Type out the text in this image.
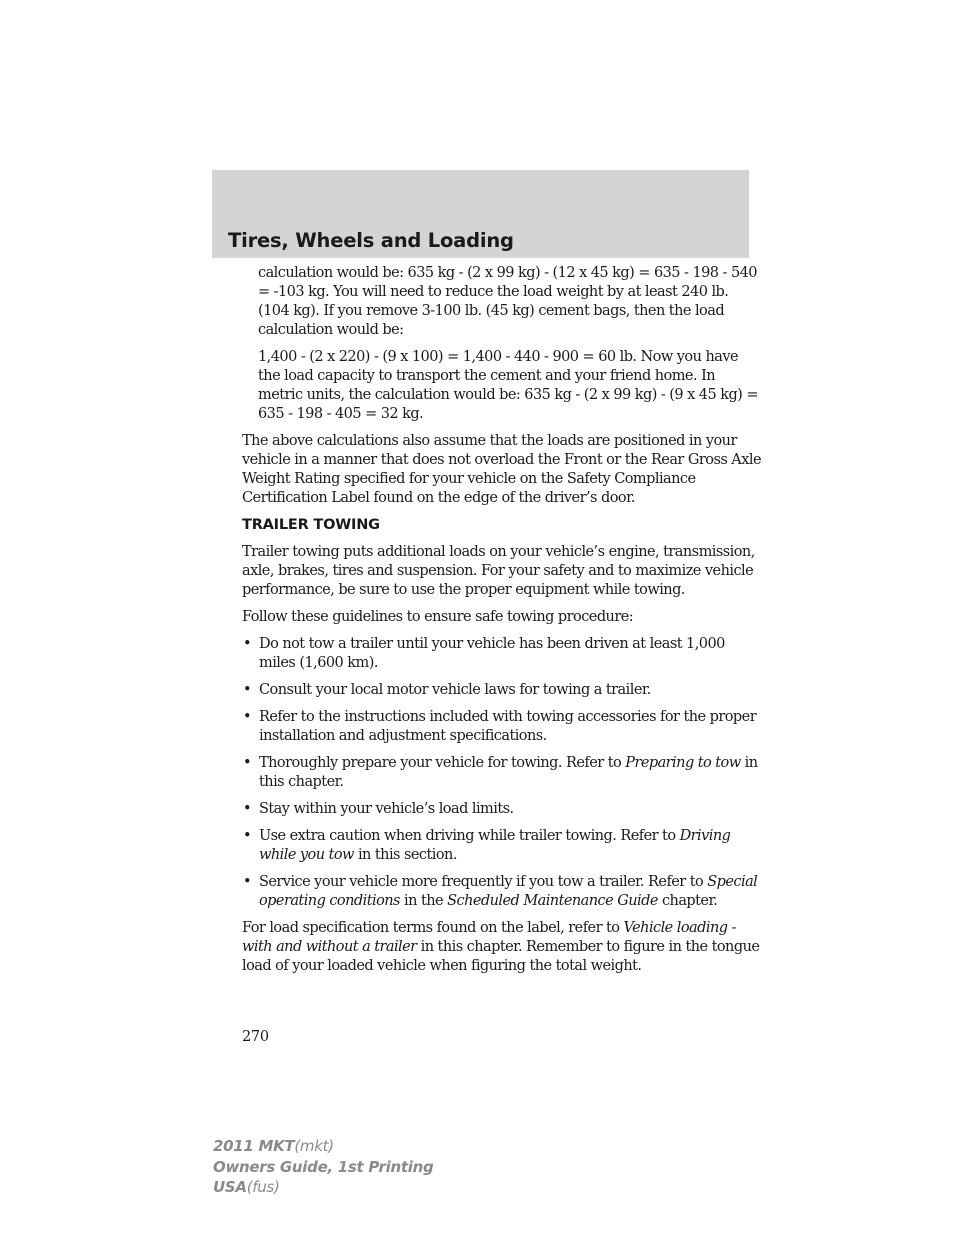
Tires, Wheels and Loading

calculation would be: 635 kg - (2 x 99 kg) - (12 x 45 kg) = 635 - 198 - 540 = -103 kg. You will need to reduce the load weight by at least 240 lb. (104 kg). If you remove 3-100 lb. (45 kg) cement bags, then the load calculation would be:

1,400 - (2 x 220) - (9 x 100) = 1,400 - 440 - 900 = 60 lb. Now you have the load capacity to transport the cement and your friend home. In metric units, the calculation would be: 635 kg - (2 x 99 kg) - (9 x 45 kg) = 635 - 198 - 405 = 32 kg.

The above calculations also assume that the loads are positioned in your vehicle in a manner that does not overload the Front or the Rear Gross Axle Weight Rating specified for your vehicle on the Safety Compliance Certification Label found on the edge of the driver’s door.

TRAILER TOWING

Trailer towing puts additional loads on your vehicle’s engine, transmission, axle, brakes, tires and suspension. For your safety and to maximize vehicle performance, be sure to use the proper equipment while towing.

Follow these guidelines to ensure safe towing procedure:

• Do not tow a trailer until your vehicle has been driven at least 1,000 miles (1,600 km).
• Consult your local motor vehicle laws for towing a trailer.
• Refer to the instructions included with towing accessories for the proper installation and adjustment specifications.
• Thoroughly prepare your vehicle for towing. Refer to Preparing to tow in this chapter.
• Stay within your vehicle’s load limits.
• Use extra caution when driving while trailer towing. Refer to Driving while you tow in this section.
• Service your vehicle more frequently if you tow a trailer. Refer to Special operating conditions in the Scheduled Maintenance Guide chapter.

For load specification terms found on the label, refer to Vehicle loading - with and without a trailer in this chapter. Remember to figure in the tongue load of your loaded vehicle when figuring the total weight.

270

2011 MKT(mkt)
Owners Guide, 1st Printing
USA(fus)
